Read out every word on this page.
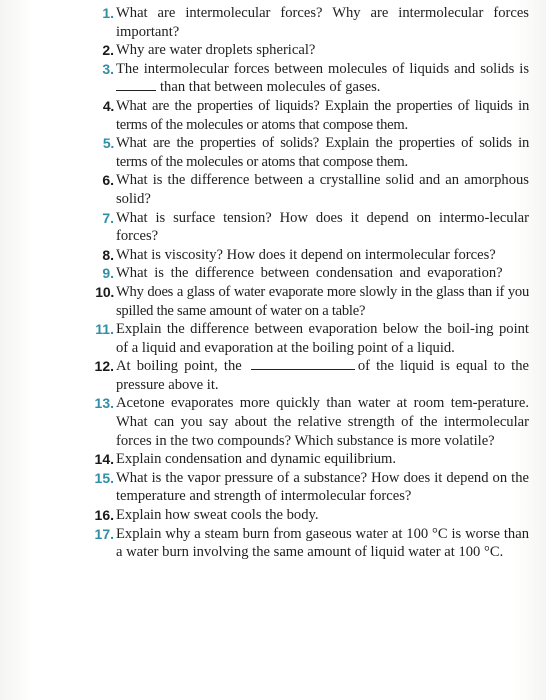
1. What are intermolecular forces? Why are intermolecular forces important?
2. Why are water droplets spherical?
3. The intermolecular forces between molecules of liquids and solids is than that between molecules of gases.
4. What are the properties of liquids? Explain the properties of liquids in terms of the molecules or atoms that compose them.
5. What are the properties of solids? Explain the properties of solids in terms of the molecules or atoms that compose them.
6. What is the difference between a crystalline solid and an amorphous solid?
7. What is surface tension? How does it depend on intermo-lecular forces?
8. What is viscosity? How does it depend on intermolecular forces?
9. What is the difference between condensation and evaporation?
10. Why does a glass of water evaporate more slowly in the glass than if you spilled the same amount of water on a table?
11. Explain the difference between evaporation below the boil-ing point of a liquid and evaporation at the boiling point of a liquid.
12. At boiling point, the	of the liquid is equal to the pressure above it.
13. Acetone evaporates more quickly than water at room tem-perature. What can you say about the relative strength of the intermolecular forces in the two compounds? Which substance is more volatile?
14. Explain condensation and dynamic equilibrium.
15. What is the vapor pressure of a substance? How does it depend on the temperature and strength of intermolecular forces?
16. Explain how sweat cools the body.
17. Explain why a steam burn from gaseous water at 100 °C is worse than a water burn involving the same amount of liquid water at 100 °C.
